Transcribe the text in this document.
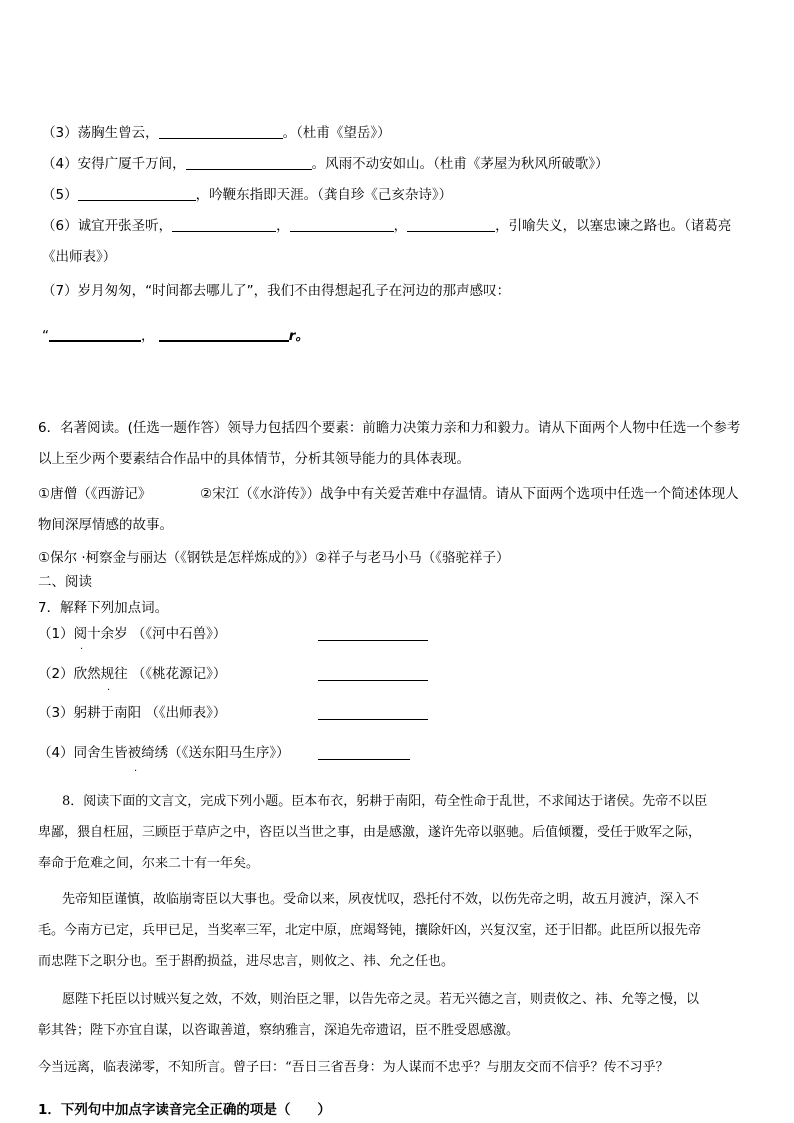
（3）荡胸生曾云，	。（杜甫《望岳》）
（4）安得广厦千万间，	。风雨不动安如山。（杜甫《茅屋为秋风所破歌》）
（5）	，吟鞭东指即天涯。（龚自珍《己亥杂诗》）
（6）诚宜开张圣听，	，	，	，引喻失义，以塞忠谏之路也。（诸葛亮
《出师表》）
（7）岁月匆匆，“时间都去哪儿了”，我们不由得想起孔子在河边的那声感叹：
“	，	r。
6．名著阅读。(任选一题作答）领导力包括四个要素：前瞻力决策力亲和力和毅力。请从下面两个人物中任选一个参考
以上至少两个要素结合作品中的具体情节，分析其领导能力的具体表现。
①唐僧（《西游记》	②宋江（《水浒传》）战争中有关爱苦难中存温情。请从下面两个选项中任选一个简述体现人
物间深厚情感的故事。
①保尔 ·柯察金与丽达（《钢铁是怎样炼成的》）②祥子与老马小马（《骆驼祥子）
二、阅读
7．解释下列加点词。
（1）阅十余岁 （《河中石兽》）
·
（2）欣然规往 （《桃花源记》）
·
（3）躬耕于南阳 （《出师表》）
（4）同舍生皆被绮绣（《送东阳马生序》）
·
8．阅读下面的文言文，完成下列小题。臣本布衣，躬耕于南阳，苟全性命于乱世，不求闻达于诸侯。先帝不以臣
卑鄙，猥自枉屈，三顾臣于草庐之中，咨臣以当世之事，由是感激，遂许先帝以驱驰。后值倾覆，受任于败军之际，
奉命于危难之间，尔来二十有一年矣。
先帝知臣谨慎，故临崩寄臣以大事也。受命以来，夙夜忧叹，恐托付不效，以伤先帝之明，故五月渡泸，深入不
毛。今南方已定，兵甲已足，当奖率三军，北定中原，庶竭驽钝，攘除奸凶，兴复汉室，还于旧都。此臣所以报先帝
而忠陛下之职分也。至于斟酌损益，进尽忠言，则攸之、祎、允之任也。
愿陛下托臣以讨贼兴复之效，不效，则治臣之罪，以告先帝之灵。若无兴德之言，则责攸之、祎、允等之慢，以
彰其咎；陛下亦宜自谋，以咨诹善道，察纳雅言，深追先帝遗诏，臣不胜受恩感激。
今当远离，临表涕零，不知所言。曾子曰：“吾日三省吾身：为人谋而不忠乎？与朋友交而不信乎？传不习乎？
1．下列句中加点字读音完全正确的项是（　　）
